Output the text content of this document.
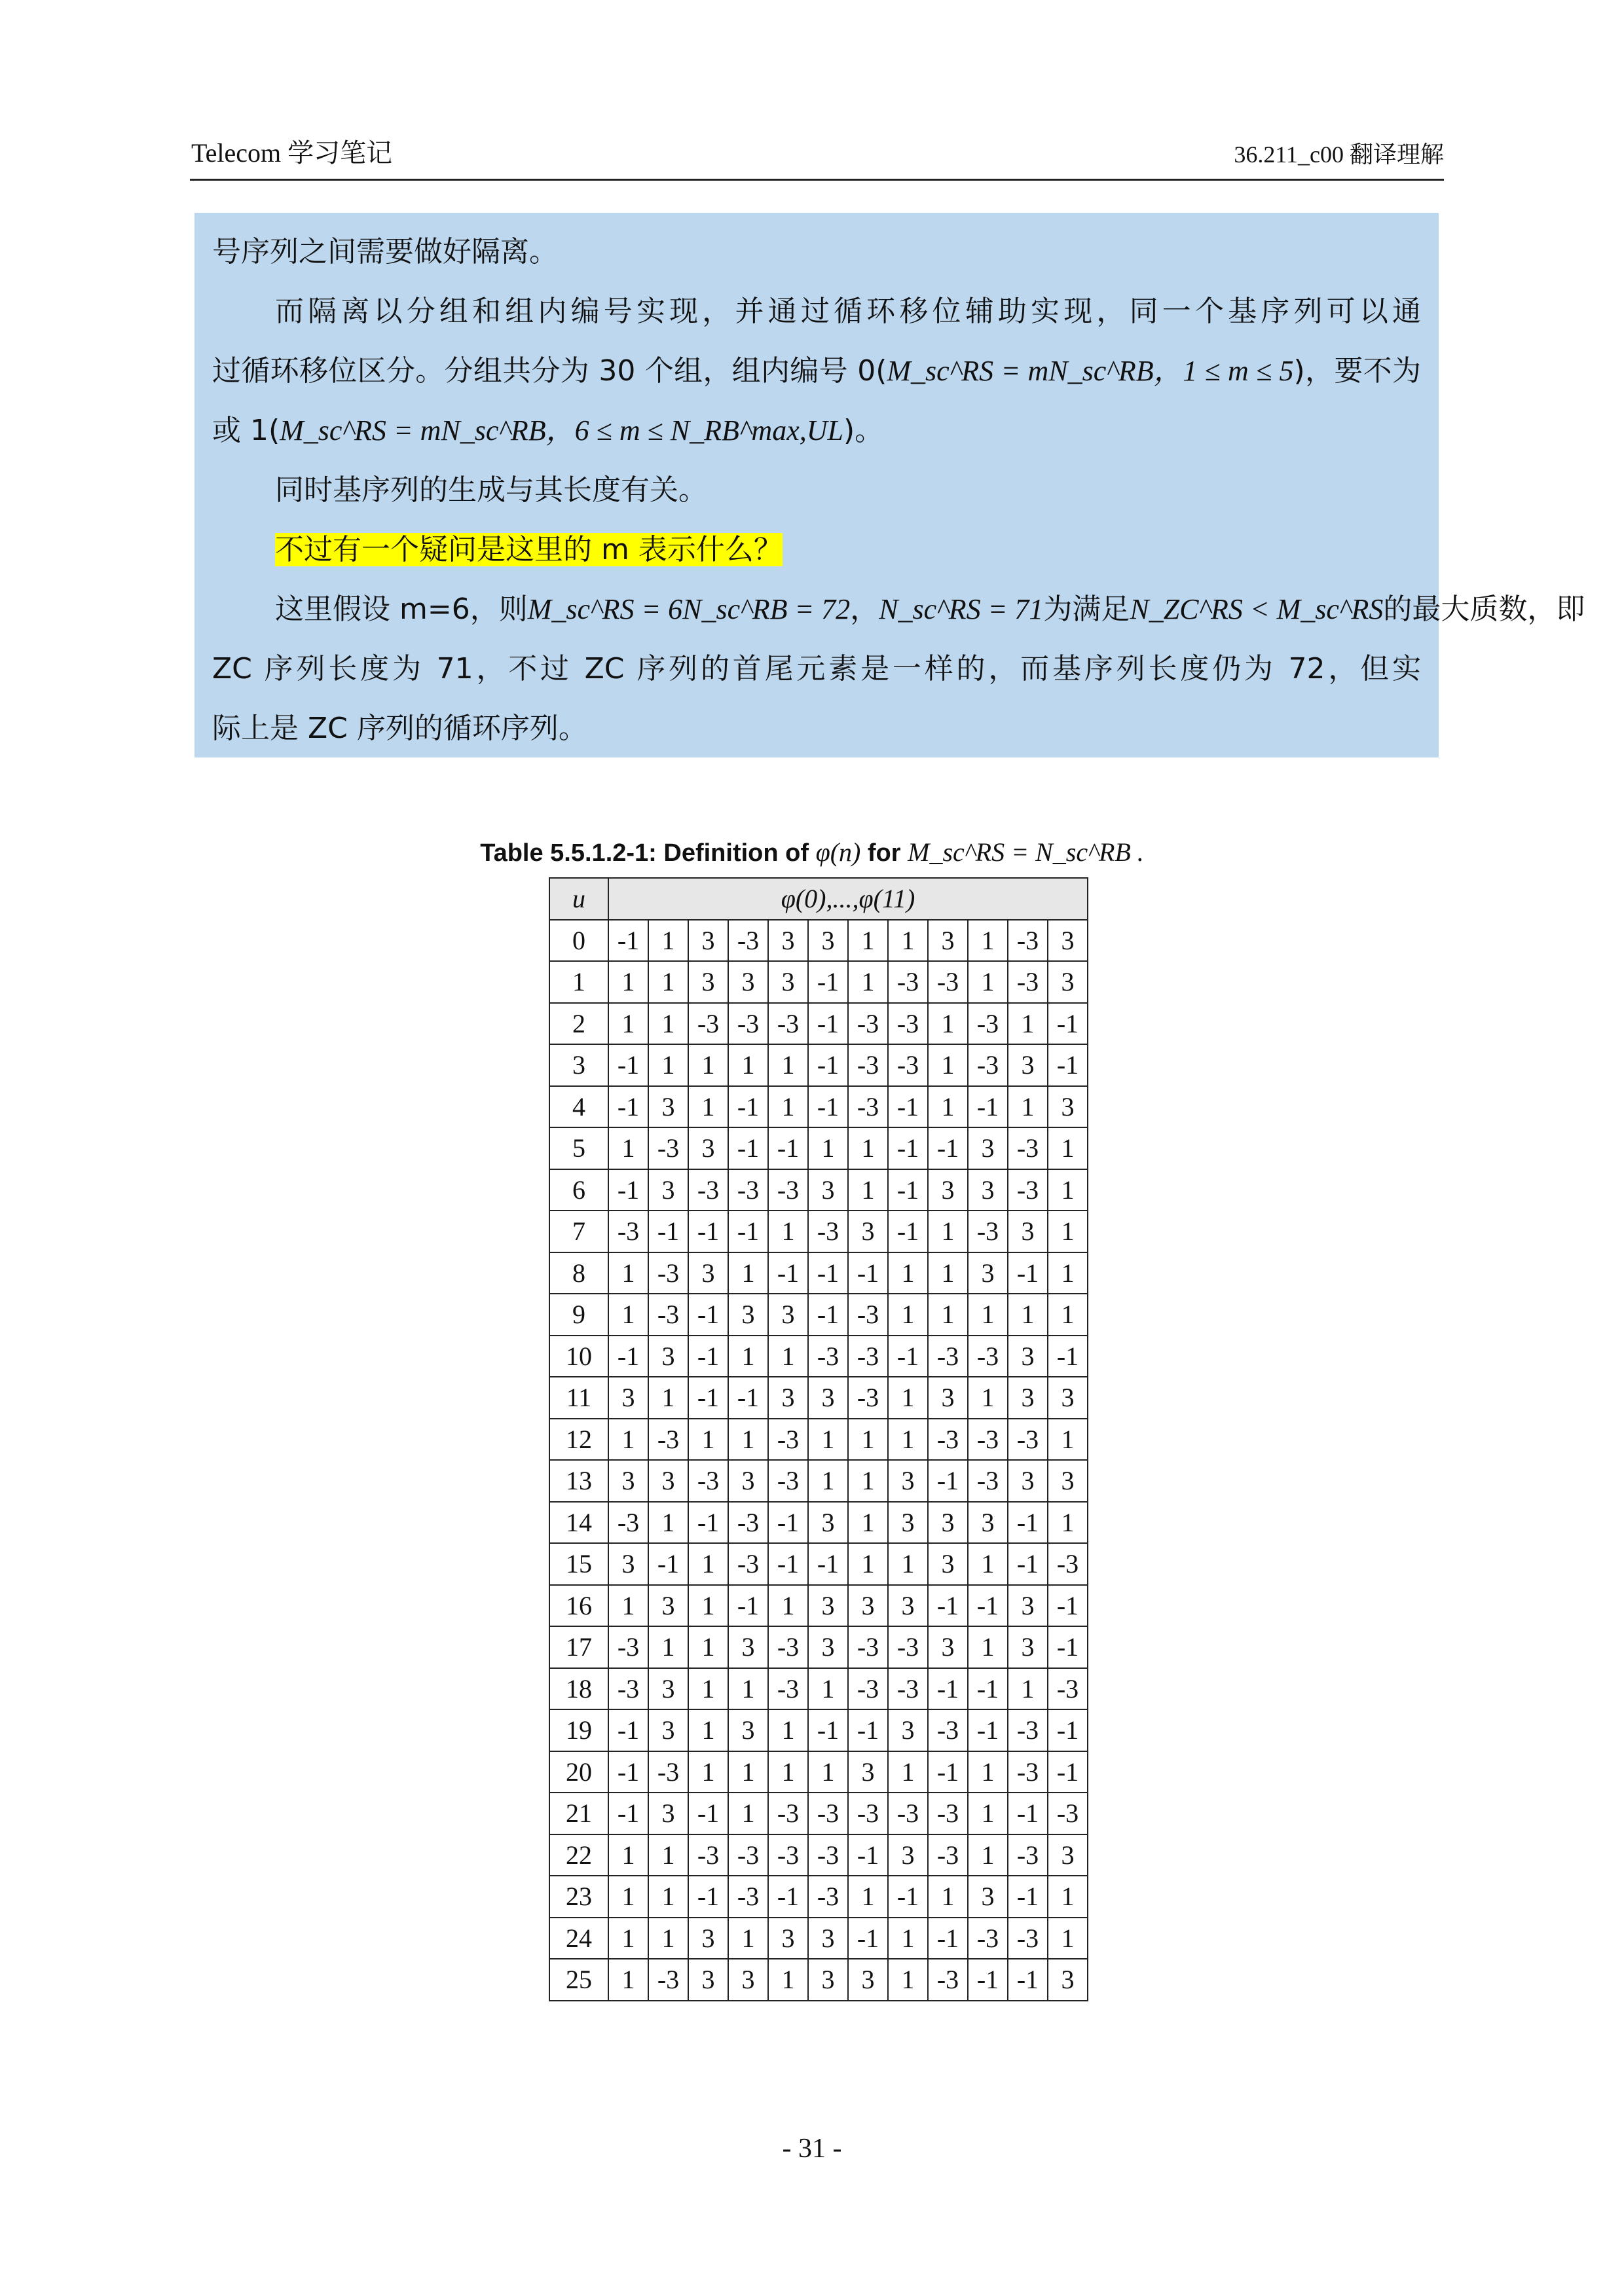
Telecom 学习笔记	36.211_c00 翻译理解

号序列之间需要做好隔离。

而隔离以分组和组内编号实现，并通过循环移位辅助实现，同一个基序列可以通

过循环移位区分。分组共分为 30 个组，组内编号 0(M_sc^RS = mN_sc^RB，1 ≤ m ≤ 5)，要不为

或 1(M_sc^RS = mN_sc^RB，6 ≤ m ≤ N_RB^max,UL)。

同时基序列的生成与其长度有关。

不过有一个疑问是这里的 m 表示什么？

这里假设 m=6，则M_sc^RS = 6N_sc^RB = 72，N_sc^RS = 71为满足N_ZC^RS < M_sc^RS的最大质数，即

ZC 序列长度为 71，不过 ZC 序列的首尾元素是一样的，而基序列长度仍为 72，但实

际上是 ZC 序列的循环序列。

Table 5.5.1.2-1: Definition of φ(n) for M_sc^RS = N_sc^RB .
u	φ(0),...,φ(11)											
0	-1	1	3	-3	3	3	1	1	3	1	-3	3
1	1	1	3	3	3	-1	1	-3	-3	1	-3	3
2	1	1	-3	-3	-3	-1	-3	-3	1	-3	1	-1
3	-1	1	1	1	1	-1	-3	-3	1	-3	3	-1
4	-1	3	1	-1	1	-1	-3	-1	1	-1	1	3
5	1	-3	3	-1	-1	1	1	-1	-1	3	-3	1
6	-1	3	-3	-3	-3	3	1	-1	3	3	-3	1
7	-3	-1	-1	-1	1	-3	3	-1	1	-3	3	1
8	1	-3	3	1	-1	-1	-1	1	1	3	-1	1
9	1	-3	-1	3	3	-1	-3	1	1	1	1	1
10	-1	3	-1	1	1	-3	-3	-1	-3	-3	3	-1
11	3	1	-1	-1	3	3	-3	1	3	1	3	3
12	1	-3	1	1	-3	1	1	1	-3	-3	-3	1
13	3	3	-3	3	-3	1	1	3	-1	-3	3	3
14	-3	1	-1	-3	-1	3	1	3	3	3	-1	1
15	3	-1	1	-3	-1	-1	1	1	3	1	-1	-3
16	1	3	1	-1	1	3	3	3	-1	-1	3	-1
17	-3	1	1	3	-3	3	-3	-3	3	1	3	-1
18	-3	3	1	1	-3	1	-3	-3	-1	-1	1	-3
19	-1	3	1	3	1	-1	-1	3	-3	-1	-3	-1
20	-1	-3	1	1	1	1	3	1	-1	1	-3	-1
21	-1	3	-1	1	-3	-3	-3	-3	-3	1	-1	-3
22	1	1	-3	-3	-3	-3	-1	3	-3	1	-3	3
23	1	1	-1	-3	-1	-3	1	-1	1	3	-1	1
24	1	1	3	1	3	3	-1	1	-1	-3	-3	1
25	1	-3	3	3	1	3	3	1	-3	-1	-1	3
- 31 -
